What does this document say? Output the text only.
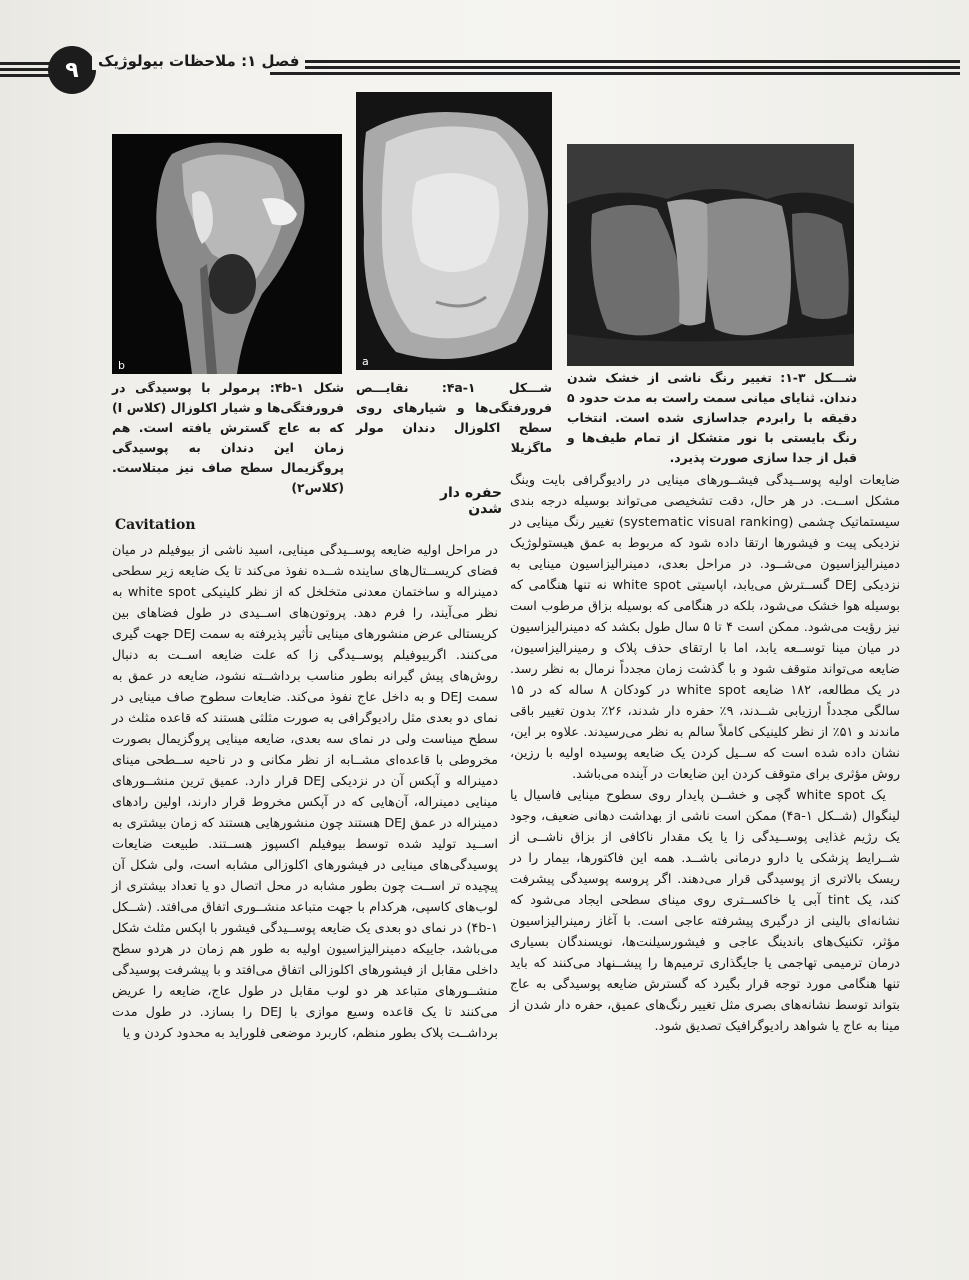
۹	فصل ۱: ملاحظات بیولوژیک
b	a
شکل ۴b-۱: پرمولر با پوسیدگی در فرورفتگی‌ها و شیار اکلوزال (کلاس I) که به عاج گسترش یافته است. هم زمان این دندان به پوسیدگی پروگزیمال سطح صاف نیز مبتلاست. (کلاس۲)
شـــکل ۴a-۱: نقایـــص فرورفتگی‌ها و شیارهای روی سطح اکلوزال دندان مولر ماگزیلا
شـــکل ۳-۱: تغییر رنگ ناشی از خشک شدن دندان. ثنایای میانی سمت راست به مدت حدود ۵ دقیقه با رابردم جداسازی شده است. انتخاب رنگ بایستی با نور متشکل از تمام طیف‌ها و قبل از جدا سازی صورت پذیرد.

ضایعات اولیه پوســیدگی فیشــورهای مینایی در رادیوگرافی بایت وینگ مشکل اســت. در هر حال، دقت تشخیصی می‌تواند بوسیله درجه بندی سیستماتیک چشمی (systematic visual ranking) تغییر رنگ مینایی در نزدیکی پیت و فیشورها ارتقا داده شود که مربوط به عمق هیستولوژیک دمینرالیزاسیون می‌شــود. در مراحل بعدی، دمینرالیزاسیون مینایی به نزدیکی DEJ گســترش می‌یابد، اپاسیتی white spot نه تنها هنگامی که بوسیله هوا خشک می‌شود، بلکه در هنگامی که بوسیله بزاق مرطوب است نیز رؤیت می‌شود. ممکن است ۴ تا ۵ سال طول بکشد که دمینرالیزاسیون در میان مینا توســعه یابد، اما با ارتقای حذف پلاک و رمینرالیزاسیون، ضایعه می‌تواند متوقف شود و با گذشت زمان مجدداً نرمال به نظر رسد. در یک مطالعه، ۱۸۲ ضایعه white spot در کودکان ۸ ساله که در ۱۵ سالگی مجدداً ارزیابی شــدند، ۹٪ حفره دار شدند، ۲۶٪ بدون تغییر باقی ماندند و ۵۱٪ از نظر کلینیکی کاملاً سالم به نظر می‌رسیدند. علاوه بر این، نشان داده شده است که ســیل کردن یک ضایعه پوسیده اولیه با رزین، روش مؤثری برای متوقف کردن این ضایعات در آینده می‌باشد.

یک white spot گچی و خشــن پایدار روی سطوح مینایی فاسیال یا لینگوال (شــکل ۴a-۱) ممکن است ناشی از بهداشت دهانی ضعیف، وجود یک رژیم غذایی پوســیدگی زا یا یک مقدار ناکافی از بزاق ناشــی از شــرایط پزشکی یا دارو درمانی باشــد. همه این فاکتورها، بیمار را در ریسک بالاتری از پوسیدگی قرار می‌دهند. اگر پروسه پوسیدگی پیشرفت کند، یک tint آبی یا خاکســتری روی مینای سطحی ایجاد می‌شود که نشانه‌ای بالینی از درگیری پیشرفته عاجی است. با آغاز رمینرالیزاسیون مؤثر، تکنیک‌های باندینگ عاجی و فیشورسیلنت‌ها، نویسندگان بسیاری درمان ترمیمی تهاجمی یا جایگذاری ترمیم‌ها را پیشــنهاد می‌کنند که باید تنها هنگامی مورد توجه قرار بگیرد که گسترش ضایعه پوسیدگی به عاج بتواند توسط نشانه‌های بصری مثل تغییر رنگ‌های عمیق، حفره دار شدن از مینا به عاج یا شواهد رادیوگرافیک تصدیق شود.

حفره دار شدن
Cavitation

در مراحل اولیه ضایعه پوســیدگی مینایی، اسید ناشی از بیوفیلم در میان فضای کریســتال‌های ساینده شــده نفوذ می‌کند تا یک ضایعه زیر سطحی دمینراله و ساختمان معدنی متخلخل که از نظر کلینیکی white spot به نظر می‌آیند، را فرم دهد. پروتون‌های اســیدی در طول فضاهای بین کریستالی عرض منشورهای مینایی تأثیر پذیرفته به سمت DEJ جهت گیری می‌کنند. اگربیوفیلم پوســیدگی زا که علت ضایعه اســت به دنبال روش‌های پیش گیرانه بطور مناسب برداشــته نشود، ضایعه در عمق به سمت DEJ و به داخل عاج نفوذ می‌کند. ضایعات سطوح صاف مینایی در نمای دو بعدی مثل رادیوگرافی به صورت مثلثی هستند که قاعده مثلث در سطح میناست ولی در نمای سه بعدی، ضایعه مینایی پروگزیمال بصورت مخروطی با قاعده‌ای مشــابه از نظر مکانی و در ناحیه ســطحی مینای دمینراله و آپکس آن در نزدیکی DEJ قرار دارد. عمیق ترین منشــورهای مینایی دمینراله، آن‌هایی که در آپکس مخروط قرار دارند، اولین رادهای دمینراله در عمق DEJ هستند چون منشورهایی هستند که زمان بیشتری به اســید تولید شده توسط بیوفیلم اکسپوز هســتند. طبیعت ضایعات پوسیدگی‌های مینایی در فیشورهای اکلوزالی مشابه است، ولی شکل آن پیچیده تر اســت چون بطور مشابه در محل اتصال دو یا تعداد بیشتری از لوب‌های کاسپی، هرکدام با جهت متباعد منشــوری اتفاق می‌افتد. (شــکل ۴b-۱) در نمای دو بعدی یک ضایعه پوســیدگی فیشور با اپکس مثلث شکل می‌باشد، جاییکه دمینرالیزاسیون اولیه به طور هم زمان در هردو سطح داخلی مقابل از فیشورهای اکلوزالی اتفاق می‌افتد و با پیشرفت پوسیدگی منشــورهای متباعد هر دو لوب مقابل در طول عاج، ضایعه را عریض می‌کنند تا یک قاعده وسیع موازی با DEJ را بسازد. در طول مدت برداشــت پلاک بطور منظم، کاربرد موضعی فلوراید به محدود کردن و یا
